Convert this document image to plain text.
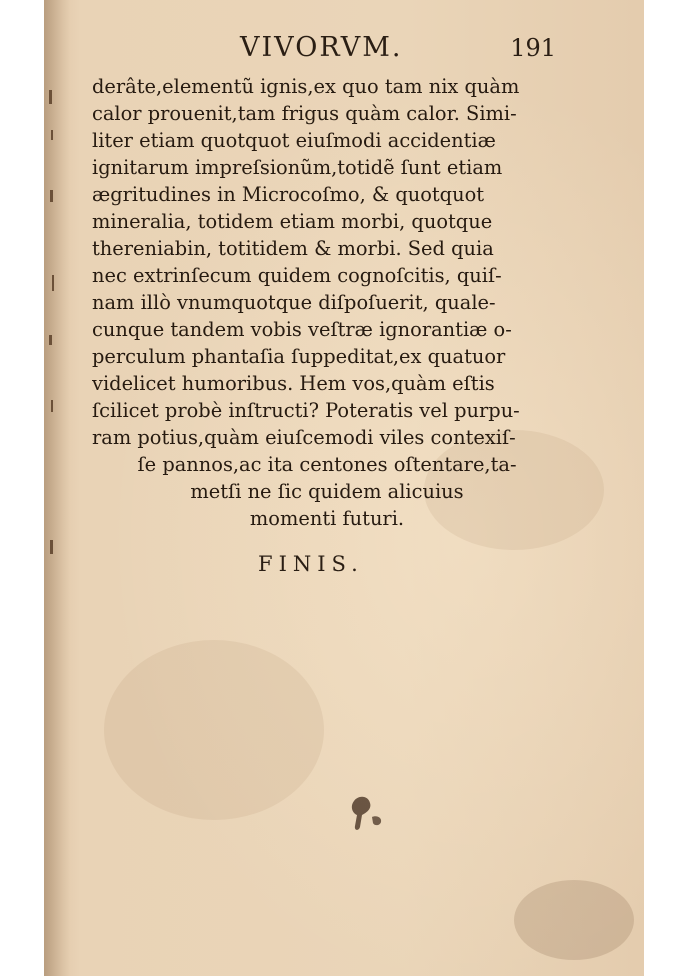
VIVORVM.	191
derâte,elementũ ignis,ex quo tam nix quàm
calor prouenit,tam frigus quàm calor. Simi-
liter etiam quotquot eiuſmodi accidentiæ
ignitarum impreſsionũm,totidẽ ſunt etiam
ægritudines in Microcoſmo, & quotquot
mineralia, totidem etiam morbi, quotque
thereniabin, totitidem & morbi. Sed quia
nec extrinſecum quidem cognoſcitis, quiſ-
nam illò vnumquotque diſpoſuerit, quale-
cunque tandem vobis veſtræ ignorantiæ o-
perculum phantaſia ſuppeditat,ex quatuor
videlicet humoribus. Hem vos,quàm eſtis
ſcilicet probè inſtructi? Poteratis vel purpu-
ram potius,quàm eiuſcemodi viles contexiſ-
ſe pannos,ac ita centones oſtentare,ta-
metſi ne ſic quidem alicuius
momenti futuri.
FINIS.
